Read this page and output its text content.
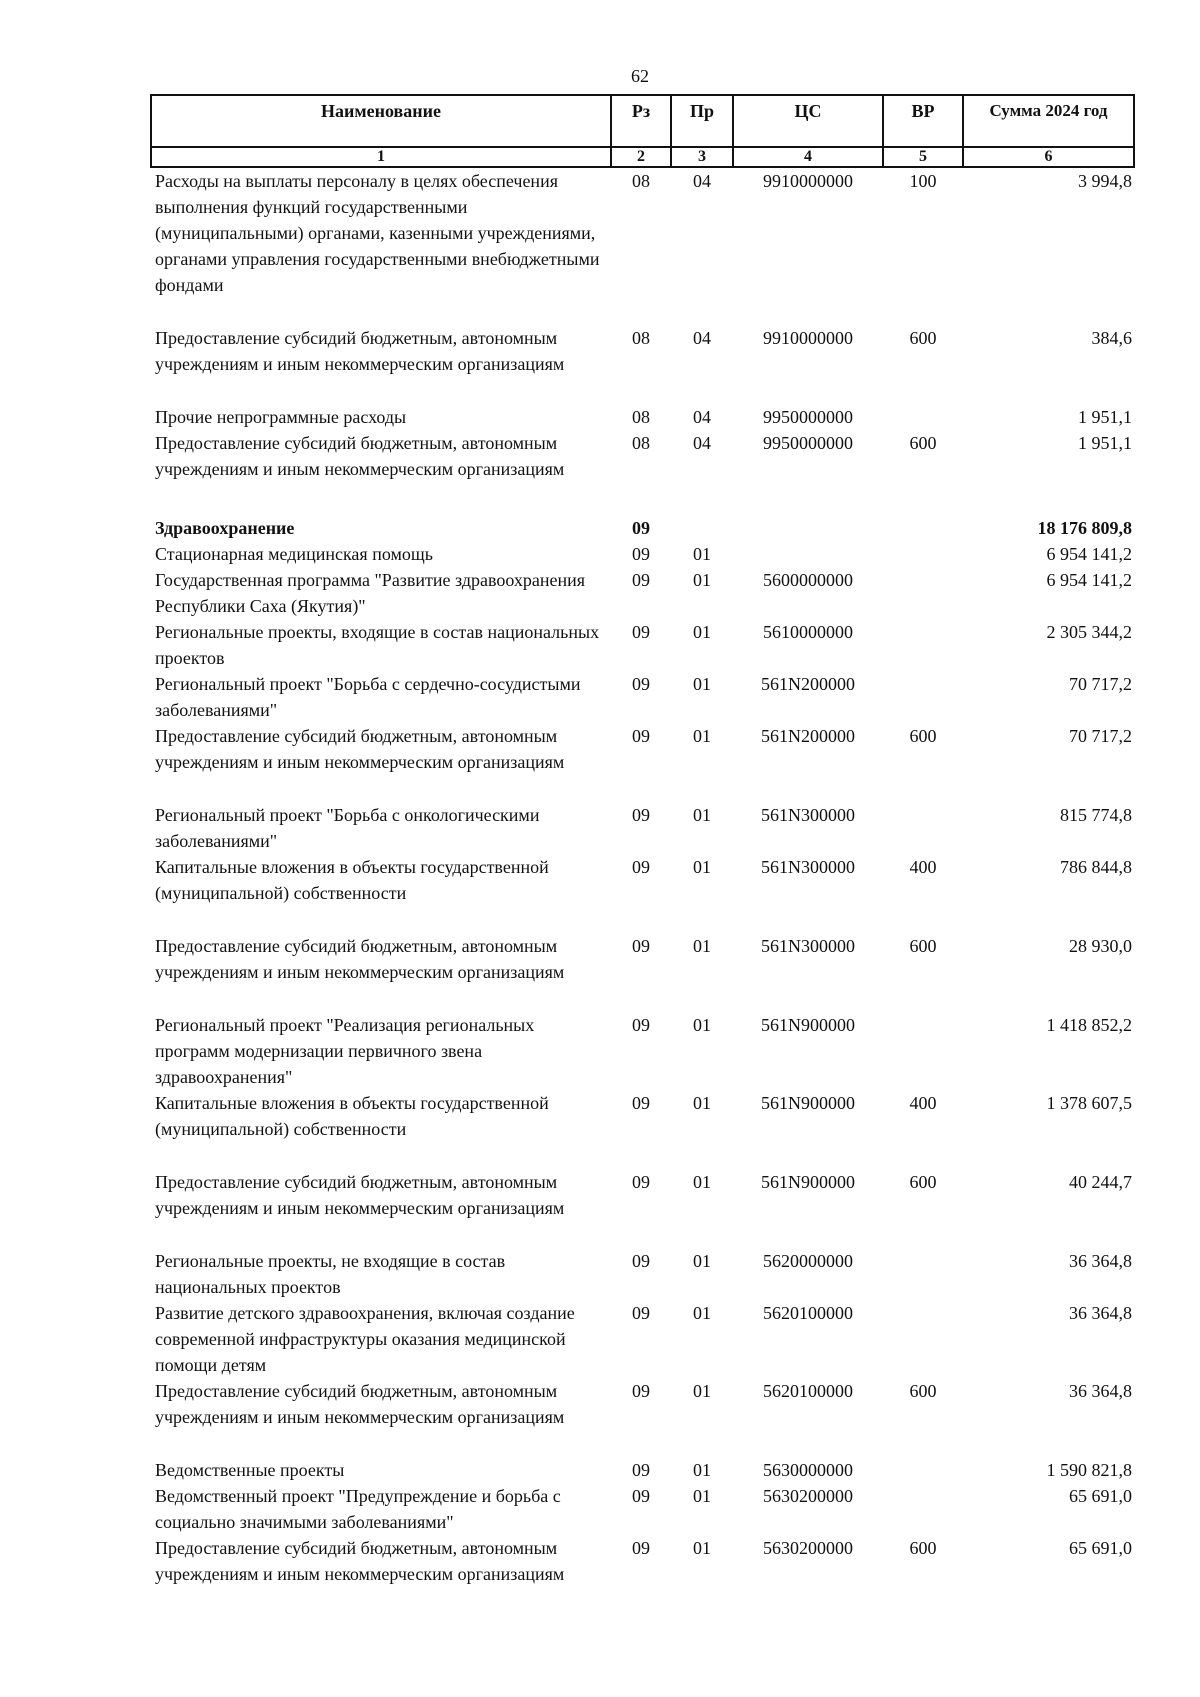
62
Наименование	Рз	Пр	ЦС	ВР	Сумма 2024 год
1	2	3	4	5	6
Расходы на выплаты персоналу в целях обеспечения выполнения функций государственными (муниципальными) органами, казенными учреждениями, органами управления государственными внебюджетными фондами	08	04	9910000000	100	3 994,8
Предоставление субсидий бюджетным, автономным учреждениям и иным некоммерческим организациям	08	04	9910000000	600	384,6
Прочие непрограммные расходы	08	04	9950000000		1 951,1
Предоставление субсидий бюджетным, автономным учреждениям и иным некоммерческим организациям	08	04	9950000000	600	1 951,1
Здравоохранение	09				18 176 809,8
Стационарная медицинская помощь	09	01			6 954 141,2
Государственная программа "Развитие здравоохранения Республики Саха (Якутия)"	09	01	5600000000		6 954 141,2
Региональные проекты, входящие в состав национальных проектов	09	01	5610000000		2 305 344,2
Региональный проект "Борьба с сердечно-сосудистыми заболеваниями"	09	01	561N200000		70 717,2
Предоставление субсидий бюджетным, автономным учреждениям и иным некоммерческим организациям	09	01	561N200000	600	70 717,2
Региональный проект "Борьба с онкологическими заболеваниями"	09	01	561N300000		815 774,8
Капитальные вложения в объекты государственной (муниципальной) собственности	09	01	561N300000	400	786 844,8
Предоставление субсидий бюджетным, автономным учреждениям и иным некоммерческим организациям	09	01	561N300000	600	28 930,0
Региональный проект "Реализация региональных программ модернизации первичного звена здравоохранения"	09	01	561N900000		1 418 852,2
Капитальные вложения в объекты государственной (муниципальной) собственности	09	01	561N900000	400	1 378 607,5
Предоставление субсидий бюджетным, автономным учреждениям и иным некоммерческим организациям	09	01	561N900000	600	40 244,7
Региональные проекты, не входящие в состав национальных проектов	09	01	5620000000		36 364,8
Развитие детского здравоохранения, включая создание современной инфраструктуры оказания медицинской помощи детям	09	01	5620100000		36 364,8
Предоставление субсидий бюджетным, автономным учреждениям и иным некоммерческим организациям	09	01	5620100000	600	36 364,8
Ведомственные проекты	09	01	5630000000		1 590 821,8
Ведомственный проект "Предупреждение и борьба с социально значимыми заболеваниями"	09	01	5630200000		65 691,0
Предоставление субсидий бюджетным, автономным учреждениям и иным некоммерческим организациям	09	01	5630200000	600	65 691,0
